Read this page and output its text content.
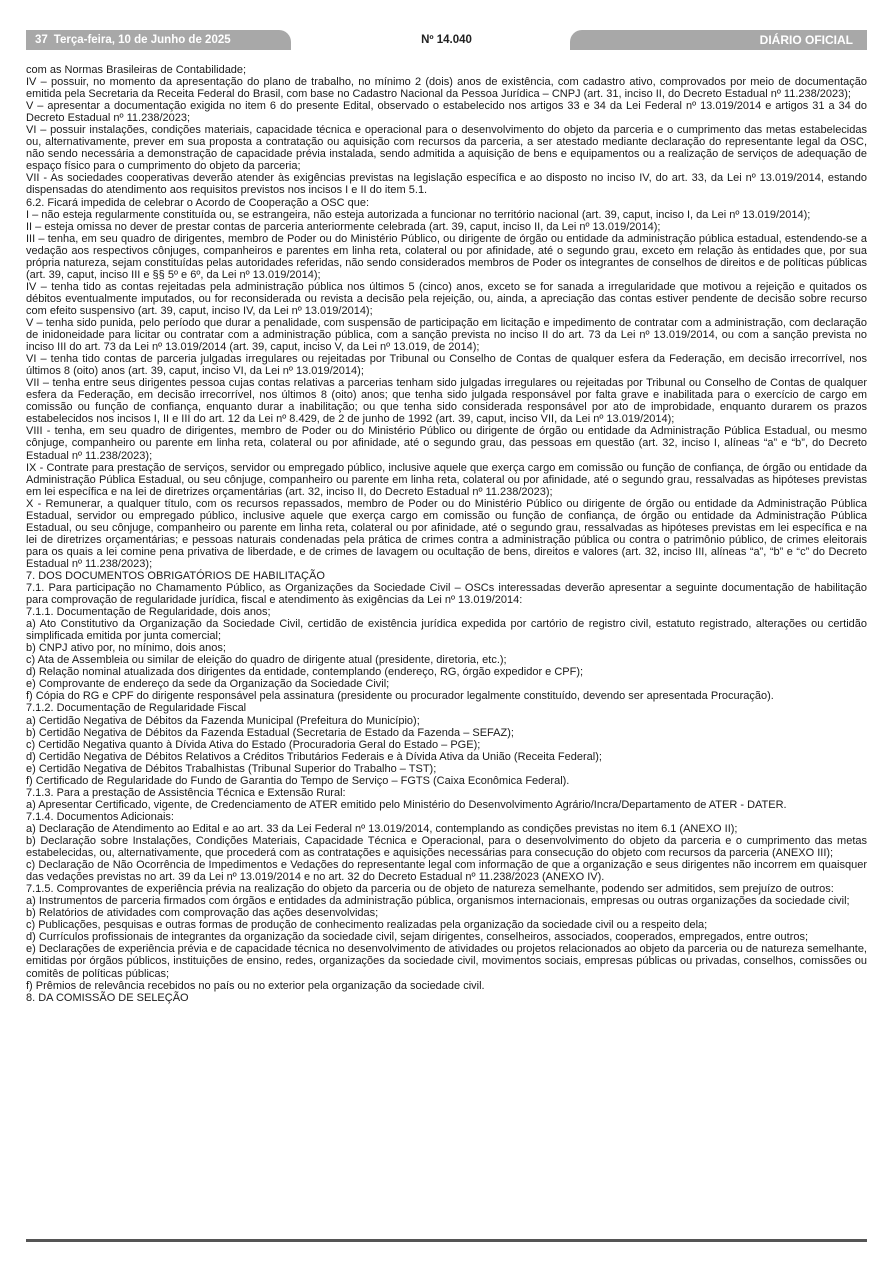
37 Terça-feira, 10 de Junho de 2025	Nº 14.040	DIÁRIO OFICIAL

com as Normas Brasileiras de Contabilidade;

IV – possuir, no momento da apresentação do plano de trabalho, no mínimo 2 (dois) anos de existência, com cadastro ativo, comprovados por meio de documentação emitida pela Secretaria da Receita Federal do Brasil, com base no Cadastro Nacional da Pessoa Jurídica – CNPJ (art. 31, inciso II, do Decreto Estadual nº 11.238/2023);

V – apresentar a documentação exigida no item 6 do presente Edital, observado o estabelecido nos artigos 33 e 34 da Lei Federal nº 13.019/2014 e artigos 31 a 34 do Decreto Estadual nº 11.238/2023;

VI – possuir instalações, condições materiais, capacidade técnica e operacional para o desenvolvimento do objeto da parceria e o cumprimento das metas estabelecidas ou, alternativamente, prever em sua proposta a contratação ou aquisição com recursos da parceria, a ser atestado mediante declaração do representante legal da OSC, não sendo necessária a demonstração de capacidade prévia instalada, sendo admitida a aquisição de bens e equipamentos ou a realização de serviços de adequação de espaço físico para o cumprimento do objeto da parceria;

VII - As sociedades cooperativas deverão atender às exigências previstas na legislação específica e ao disposto no inciso IV, do art. 33, da Lei nº 13.019/2014, estando dispensadas do atendimento aos requisitos previstos nos incisos I e II do item 5.1.

6.2. Ficará impedida de celebrar o Acordo de Cooperação a OSC que:

I – não esteja regularmente constituída ou, se estrangeira, não esteja autorizada a funcionar no território nacional (art. 39, caput, inciso I, da Lei nº 13.019/2014);

II – esteja omissa no dever de prestar contas de parceria anteriormente celebrada (art. 39, caput, inciso II, da Lei nº 13.019/2014);

III – tenha, em seu quadro de dirigentes, membro de Poder ou do Ministério Público, ou dirigente de órgão ou entidade da administração pública estadual, estendendo-se a vedação aos respectivos cônjuges, companheiros e parentes em linha reta, colateral ou por afinidade, até o segundo grau, exceto em relação às entidades que, por sua própria natureza, sejam constituídas pelas autoridades referidas, não sendo considerados membros de Poder os integrantes de conselhos de direitos e de políticas públicas (art. 39, caput, inciso III e §§ 5º e 6º, da Lei nº 13.019/2014);

IV – tenha tido as contas rejeitadas pela administração pública nos últimos 5 (cinco) anos, exceto se for sanada a irregularidade que motivou a rejeição e quitados os débitos eventualmente imputados, ou for reconsiderada ou revista a decisão pela rejeição, ou, ainda, a apreciação das contas estiver pendente de decisão sobre recurso com efeito suspensivo (art. 39, caput, inciso IV, da Lei nº 13.019/2014);

V – tenha sido punida, pelo período que durar a penalidade, com suspensão de participação em licitação e impedimento de contratar com a administração, com declaração de inidoneidade para licitar ou contratar com a administração pública, com a sanção prevista no inciso II do art. 73 da Lei nº 13.019/2014, ou com a sanção prevista no inciso III do art. 73 da Lei nº 13.019/2014 (art. 39, caput, inciso V, da Lei nº 13.019, de 2014);

VI – tenha tido contas de parceria julgadas irregulares ou rejeitadas por Tribunal ou Conselho de Contas de qualquer esfera da Federação, em decisão irrecorrível, nos últimos 8 (oito) anos (art. 39, caput, inciso VI, da Lei nº 13.019/2014);

VII – tenha entre seus dirigentes pessoa cujas contas relativas a parcerias tenham sido julgadas irregulares ou rejeitadas por Tribunal ou Conselho de Contas de qualquer esfera da Federação, em decisão irrecorrível, nos últimos 8 (oito) anos; que tenha sido julgada responsável por falta grave e inabilitada para o exercício de cargo em comissão ou função de confiança, enquanto durar a inabilitação; ou que tenha sido considerada responsável por ato de improbidade, enquanto durarem os prazos estabelecidos nos incisos I, II e III do art. 12 da Lei nº 8.429, de 2 de junho de 1992 (art. 39, caput, inciso VII, da Lei nº 13.019/2014);

VIII - tenha, em seu quadro de dirigentes, membro de Poder ou do Ministério Público ou dirigente de órgão ou entidade da Administração Pública Estadual, ou mesmo cônjuge, companheiro ou parente em linha reta, colateral ou por afinidade, até o segundo grau, das pessoas em questão (art. 32, inciso I, alíneas “a” e “b”, do Decreto Estadual nº 11.238/2023);

IX - Contrate para prestação de serviços, servidor ou empregado público, inclusive aquele que exerça cargo em comissão ou função de confiança, de órgão ou entidade da Administração Pública Estadual, ou seu cônjuge, companheiro ou parente em linha reta, colateral ou por afinidade, até o segundo grau, ressalvadas as hipóteses previstas em lei específica e na lei de diretrizes orçamentárias (art. 32, inciso II, do Decreto Estadual nº 11.238/2023);

X - Remunerar, a qualquer título, com os recursos repassados, membro de Poder ou do Ministério Público ou dirigente de órgão ou entidade da Administração Pública Estadual, servidor ou empregado público, inclusive aquele que exerça cargo em comissão ou função de confiança, de órgão ou entidade da Administração Pública Estadual, ou seu cônjuge, companheiro ou parente em linha reta, colateral ou por afinidade, até o segundo grau, ressalvadas as hipóteses previstas em lei específica e na lei de diretrizes orçamentárias; e pessoas naturais condenadas pela prática de crimes contra a administração pública ou contra o patrimônio público, de crimes eleitorais para os quais a lei comine pena privativa de liberdade, e de crimes de lavagem ou ocultação de bens, direitos e valores (art. 32, inciso III, alíneas “a”, “b” e “c” do Decreto Estadual nº 11.238/2023);

7. DOS DOCUMENTOS OBRIGATÓRIOS DE HABILITAÇÃO

7.1. Para participação no Chamamento Público, as Organizações da Sociedade Civil – OSCs interessadas deverão apresentar a seguinte documentação de habilitação para comprovação de regularidade jurídica, fiscal e atendimento às exigências da Lei nº 13.019/2014:

7.1.1. Documentação de Regularidade, dois anos;

a) Ato Constitutivo da Organização da Sociedade Civil, certidão de existência jurídica expedida por cartório de registro civil, estatuto registrado, alterações ou certidão simplificada emitida por junta comercial;

b) CNPJ ativo por, no mínimo, dois anos;

c) Ata de Assembleia ou similar de eleição do quadro de dirigente atual (presidente, diretoria, etc.);

d) Relação nominal atualizada dos dirigentes da entidade, contemplando (endereço, RG, órgão expedidor e CPF);

e) Comprovante de endereço da sede da Organização da Sociedade Civil;

f) Cópia do RG e CPF do dirigente responsável pela assinatura (presidente ou procurador legalmente constituído, devendo ser apresentada Procuração).

7.1.2. Documentação de Regularidade Fiscal

a) Certidão Negativa de Débitos da Fazenda Municipal (Prefeitura do Município);

b) Certidão Negativa de Débitos da Fazenda Estadual (Secretaria de Estado da Fazenda – SEFAZ);

c) Certidão Negativa quanto à Dívida Ativa do Estado (Procuradoria Geral do Estado – PGE);

d) Certidão Negativa de Débitos Relativos a Créditos Tributários Federais e à Dívida Ativa da União (Receita Federal);

e) Certidão Negativa de Débitos Trabalhistas (Tribunal Superior do Trabalho – TST);

f) Certificado de Regularidade do Fundo de Garantia do Tempo de Serviço – FGTS (Caixa Econômica Federal).

7.1.3. Para a prestação de Assistência Técnica e Extensão Rural:

a) Apresentar Certificado, vigente, de Credenciamento de ATER emitido pelo Ministério do Desenvolvimento Agrário/Incra/Departamento de ATER - DATER.

7.1.4. Documentos Adicionais:

a) Declaração de Atendimento ao Edital e ao art. 33 da Lei Federal nº 13.019/2014, contemplando as condições previstas no item 6.1 (ANEXO II);

b) Declaração sobre Instalações, Condições Materiais, Capacidade Técnica e Operacional, para o desenvolvimento do objeto da parceria e o cumprimento das metas estabelecidas, ou, alternativamente, que procederá com as contratações e aquisições necessárias para consecução do objeto com recursos da parceria (ANEXO III);

c) Declaração de Não Ocorrência de Impedimentos e Vedações do representante legal com informação de que a organização e seus dirigentes não incorrem em quaisquer das vedações previstas no art. 39 da Lei nº 13.019/2014 e no art. 32 do Decreto Estadual nº 11.238/2023 (ANEXO IV).

7.1.5. Comprovantes de experiência prévia na realização do objeto da parceria ou de objeto de natureza semelhante, podendo ser admitidos, sem prejuízo de outros:

a) Instrumentos de parceria firmados com órgãos e entidades da administração pública, organismos internacionais, empresas ou outras organizações da sociedade civil;

b) Relatórios de atividades com comprovação das ações desenvolvidas;

c) Publicações, pesquisas e outras formas de produção de conhecimento realizadas pela organização da sociedade civil ou a respeito dela;

d) Currículos profissionais de integrantes da organização da sociedade civil, sejam dirigentes, conselheiros, associados, cooperados, empregados, entre outros;

e) Declarações de experiência prévia e de capacidade técnica no desenvolvimento de atividades ou projetos relacionados ao objeto da parceria ou de natureza semelhante, emitidas por órgãos públicos, instituições de ensino, redes, organizações da sociedade civil, movimentos sociais, empresas públicas ou privadas, conselhos, comissões ou comitês de políticas públicas;

f) Prêmios de relevância recebidos no país ou no exterior pela organização da sociedade civil.

8. DA COMISSÃO DE SELEÇÃO
